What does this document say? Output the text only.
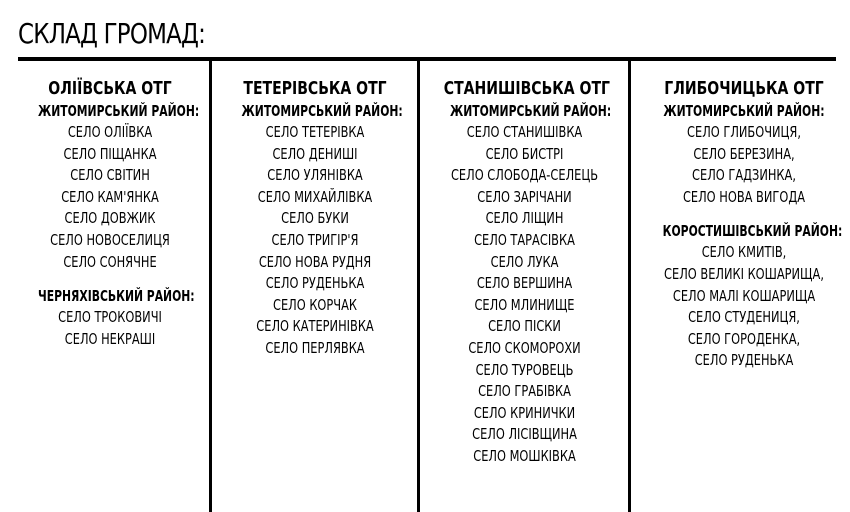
СКЛАД ГРОМАД:
ОЛІЇВСЬКА ОТГ
ЖИТОМИРСЬКИЙ РАЙОН:
СЕЛО ОЛІЇВКА
СЕЛО ПІЩАНКА
СЕЛО СВІТИН
СЕЛО КАМ'ЯНКА
СЕЛО ДОВЖИК
СЕЛО НОВОСЕЛИЦЯ
СЕЛО СОНЯЧНЕ
ЧЕРНЯХІВСЬКИЙ РАЙОН:
СЕЛО ТРОКОВИЧІ
СЕЛО НЕКРАШІ
ТЕТЕРІВСЬКА ОТГ
ЖИТОМИРСЬКИЙ РАЙОН:
СЕЛО ТЕТЕРІВКА
СЕЛО ДЕНИШІ
СЕЛО УЛЯНІВКА
СЕЛО МИХАЙЛІВКА
СЕЛО БУКИ
СЕЛО ТРИГІР'Я
СЕЛО НОВА РУДНЯ
СЕЛО РУДЕНЬКА
СЕЛО КОРЧАК
СЕЛО КАТЕРИНІВКА
СЕЛО ПЕРЛЯВКА
СТАНИШІВСЬКА ОТГ
ЖИТОМИРСЬКИЙ РАЙОН:
СЕЛО СТАНИШІВКА
СЕЛО БИСТРІ
СЕЛО СЛОБОДА-СЕЛЕЦЬ
СЕЛО ЗАРІЧАНИ
СЕЛО ЛІЩИН
СЕЛО ТАРАСІВКА
СЕЛО ЛУКА
СЕЛО ВЕРШИНА
СЕЛО МЛИНИЩЕ
СЕЛО ПІСКИ
СЕЛО СКОМОРОХИ
СЕЛО ТУРОВЕЦЬ
СЕЛО ГРАБІВКА
СЕЛО КРИНИЧКИ
СЕЛО ЛІСІВЩИНА
СЕЛО МОШКІВКА
ГЛИБОЧИЦЬКА ОТГ
ЖИТОМИРСЬКИЙ РАЙОН:
СЕЛО ГЛИБОЧИЦЯ,
СЕЛО БЕРЕЗИНА,
СЕЛО ГАДЗИНКА,
СЕЛО НОВА ВИГОДА
КОРОСТИШІВСЬКИЙ РАЙОН:
СЕЛО КМИТІВ,
СЕЛО ВЕЛИКІ КОШАРИЩА,
СЕЛО МАЛІ КОШАРИЩА
СЕЛО СТУДЕНИЦЯ,
СЕЛО ГОРОДЕНКА,
СЕЛО РУДЕНЬКА
